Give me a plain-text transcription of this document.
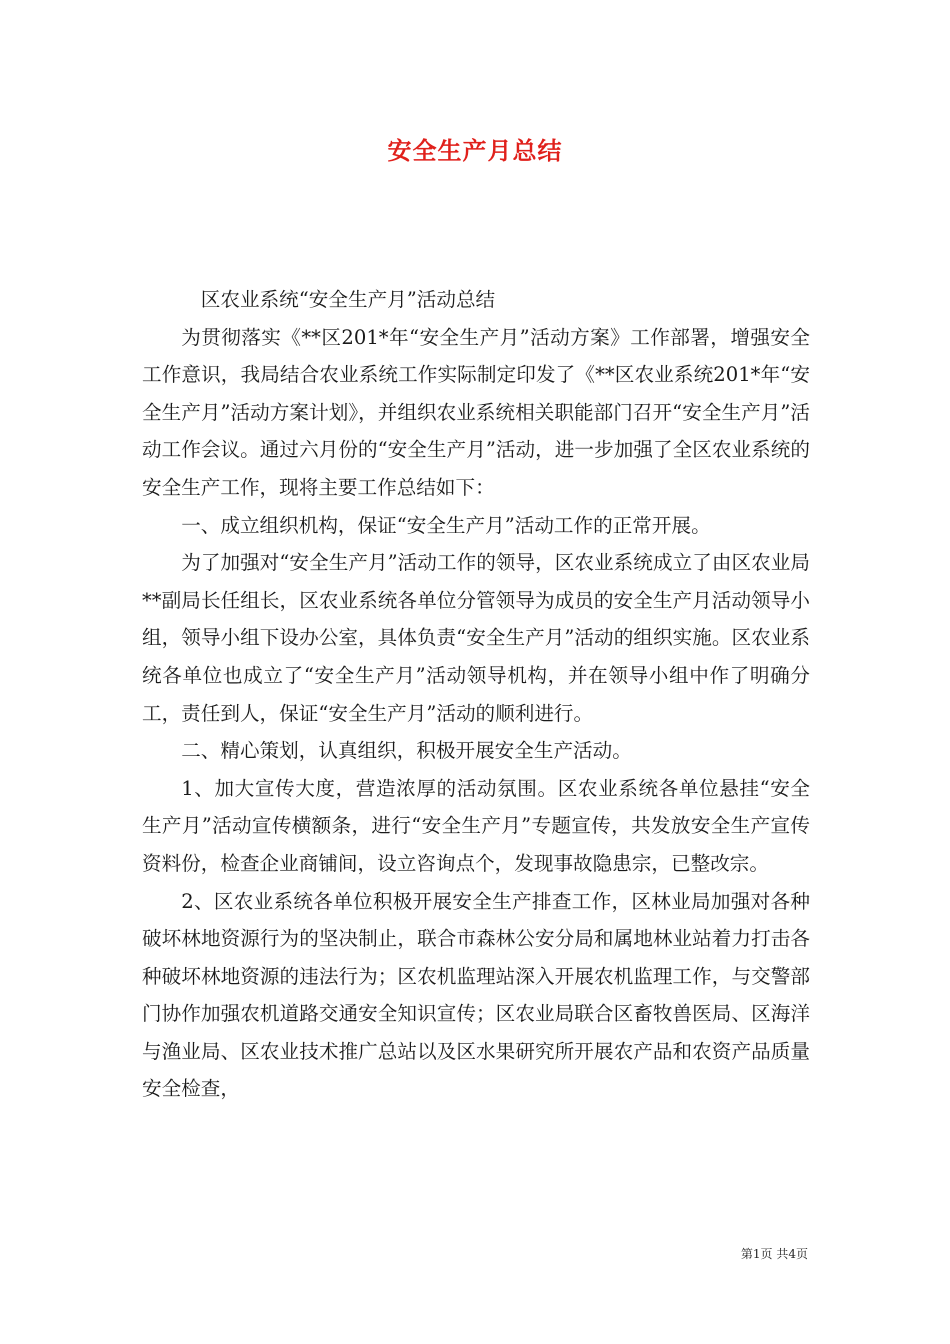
安全生产月总结

区农业系统“安全生产月”活动总结

为贯彻落实《**区201*年“安全生产月”活动方案》工作部署，增强安全工作意识，我局结合农业系统工作实际制定印发了《**区农业系统201*年“安全生产月”活动方案计划》，并组织农业系统相关职能部门召开“安全生产月”活动工作会议。通过六月份的“安全生产月”活动，进一步加强了全区农业系统的安全生产工作，现将主要工作总结如下：

一、成立组织机构，保证“安全生产月”活动工作的正常开展。

为了加强对“安全生产月”活动工作的领导，区农业系统成立了由区农业局**副局长任组长，区农业系统各单位分管领导为成员的安全生产月活动领导小组，领导小组下设办公室，具体负责“安全生产月”活动的组织实施。区农业系统各单位也成立了“安全生产月”活动领导机构，并在领导小组中作了明确分工，责任到人，保证“安全生产月”活动的顺利进行。

二、精心策划，认真组织，积极开展安全生产活动。

1、加大宣传大度，营造浓厚的活动氛围。区农业系统各单位悬挂“安全生产月”活动宣传横额条，进行“安全生产月”专题宣传，共发放安全生产宣传资料份，检查企业商铺间，设立咨询点个，发现事故隐患宗，已整改宗。

2、区农业系统各单位积极开展安全生产排查工作，区林业局加强对各种破坏林地资源行为的坚决制止，联合市森林公安分局和属地林业站着力打击各种破坏林地资源的违法行为；区农机监理站深入开展农机监理工作，与交警部门协作加强农机道路交通安全知识宣传；区农业局联合区畜牧兽医局、区海洋与渔业局、区农业技术推广总站以及区水果研究所开展农产品和农资产品质量安全检查，

第1页 共4页
